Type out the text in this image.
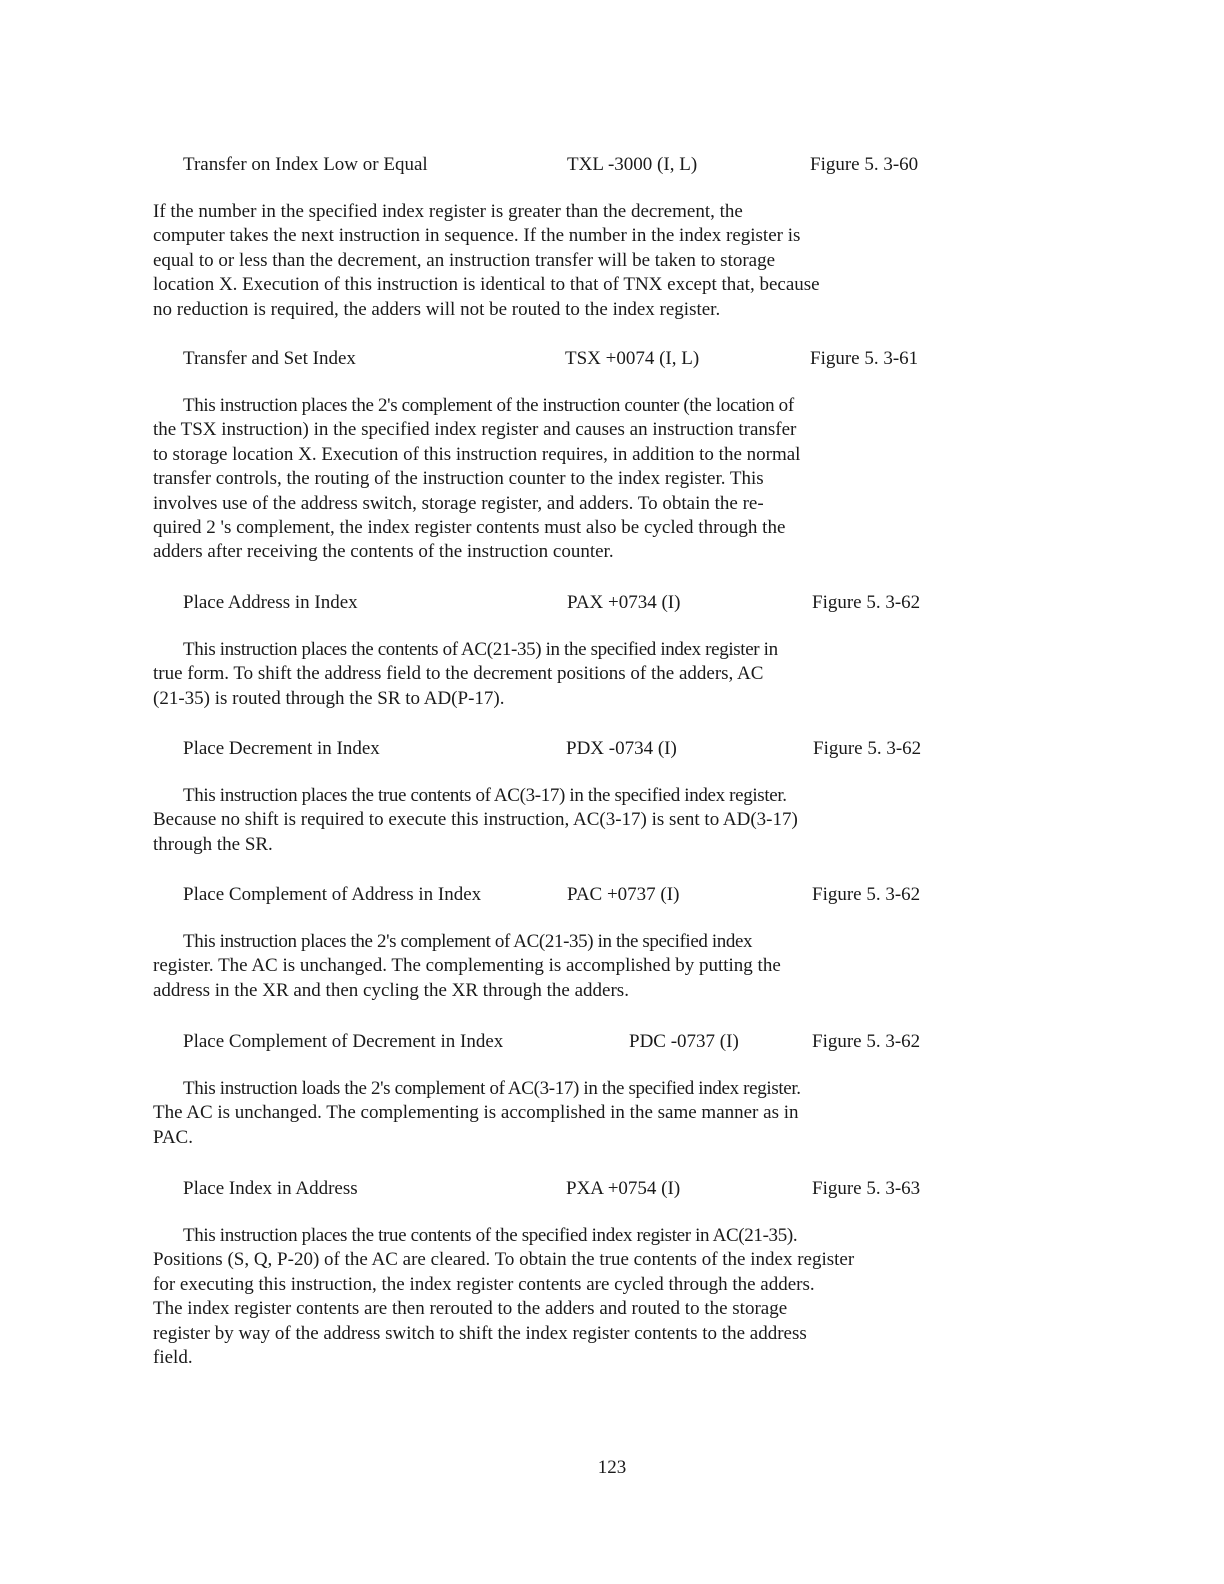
Transfer on Index Low or Equal	TXL -3000 (I, L)	Figure 5. 3-60
If the number in the specified index register is greater than the decrement, the
computer takes the next instruction in sequence. If the number in the index register is
equal to or less than the decrement, an instruction transfer will be taken to storage
location X. Execution of this instruction is identical to that of TNX except that, because
no reduction is required, the adders will not be routed to the index register.
Transfer and Set Index	TSX +0074 (I, L)	Figure 5. 3-61
This instruction places the 2's complement of the instruction counter (the location of
the TSX instruction) in the specified index register and causes an instruction transfer
to storage location X. Execution of this instruction requires, in addition to the normal
transfer controls, the routing of the instruction counter to the index register. This
involves use of the address switch, storage register, and adders. To obtain the re-
quired 2 's complement, the index register contents must also be cycled through the
adders after receiving the contents of the instruction counter.
Place Address in Index	PAX +0734 (I)	Figure 5. 3-62
This instruction places the contents of AC(21-35) in the specified index register in
true form. To shift the address field to the decrement positions of the adders, AC
(21-35) is routed through the SR to AD(P-17).
Place Decrement in Index	PDX -0734 (I)	Figure 5. 3-62
This instruction places the true contents of AC(3-17) in the specified index register.
Because no shift is required to execute this instruction, AC(3-17) is sent to AD(3-17)
through the SR.
Place Complement of Address in Index	PAC +0737 (I)	Figure 5. 3-62
This instruction places the 2's complement of AC(21-35) in the specified index
register. The AC is unchanged. The complementing is accomplished by putting the
address in the XR and then cycling the XR through the adders.
Place Complement of Decrement in Index	PDC -0737 (I)	Figure 5. 3-62
This instruction loads the 2's complement of AC(3-17) in the specified index register.
The AC is unchanged. The complementing is accomplished in the same manner as in
PAC.
Place Index in Address	PXA +0754 (I)	Figure 5. 3-63
This instruction places the true contents of the specified index register in AC(21-35).
Positions (S, Q, P-20) of the AC are cleared. To obtain the true contents of the index register
for executing this instruction, the index register contents are cycled through the adders.
The index register contents are then rerouted to the adders and routed to the storage
register by way of the address switch to shift the index register contents to the address
field.
123
